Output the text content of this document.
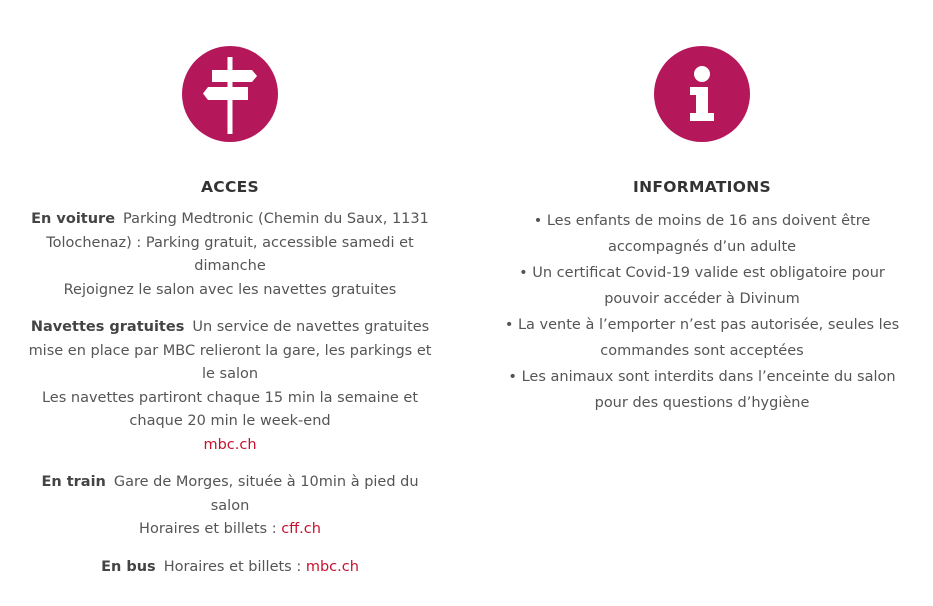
ACCES
En voiture Parking Medtronic (Chemin du Saux, 1131 Tolochenaz) : Parking gratuit, accessible samedi et dimanche
Rejoignez le salon avec les navettes gratuites
Navettes gratuites Un service de navettes gratuites mise en place par MBC relieront la gare, les parkings et le salon
Les navettes partiront chaque 15 min la semaine et chaque 20 min le week-end
mbc.ch
En train Gare de Morges, située à 10min à pied du salon
Horaires et billets : cff.ch
En bus Horaires et billets : mbc.ch
INFORMATIONS
• Les enfants de moins de 16 ans doivent être accompagnés d’un adulte
• Un certificat Covid-19 valide est obligatoire pour pouvoir accéder à Divinum
• La vente à l’emporter n’est pas autorisée, seules les commandes sont acceptées
• Les animaux sont interdits dans l’enceinte du salon pour des questions d’hygiène
